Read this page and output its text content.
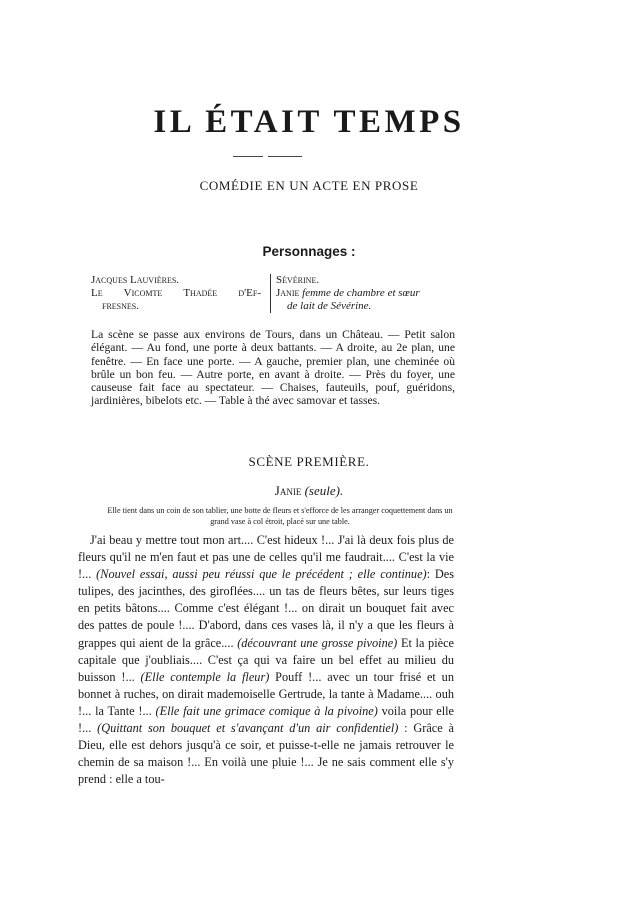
IL ÉTAIT TEMPS

COMÉDIE EN UN ACTE EN PROSE

Personnages :

Jacques Lauvières.
Le Vicomte Thadée d'Ef-
fresnes.
Sévérine.
Janie femme de chambre et sœur
de lait de Sévérine.

La scène se passe aux environs de Tours, dans un Château. — Petit salon élégant. — Au fond, une porte à deux battants. — A droite, au 2e plan, une fenêtre. — En face une porte. — A gauche, premier plan, une cheminée où brûle un bon feu. — Autre porte, en avant à droite. — Près du foyer, une causeuse fait face au spectateur. — Chaises, fauteuils, pouf, guéridons, jardinières, bibelots etc. — Table à thé avec samovar et tasses.

SCÈNE PREMIÈRE.

Janie (seule).

Elle tient dans un coin de son tablier, une botte de fleurs et s'efforce de les arranger coquettement dans un grand vase à col étroit, placé sur une table.

J'ai beau y mettre tout mon art.... C'est hideux !... J'ai là deux fois plus de fleurs qu'il ne m'en faut et pas une de celles qu'il me faudrait.... C'est la vie !... (Nouvel essai, aussi peu réussi que le précédent ; elle continue): Des tulipes, des jacinthes, des giroflées.... un tas de fleurs bêtes, sur leurs tiges en petits bâtons.... Comme c'est élégant !... on dirait un bouquet fait avec des pattes de poule !.... D'abord, dans ces vases là, il n'y a que les fleurs à grappes qui aient de la grâce.... (découvrant une grosse pivoine) Et la pièce capitale que j'oubliais.... C'est ça qui va faire un bel effet au milieu du buisson !... (Elle contemple la fleur) Pouff !... avec un tour frisé et un bonnet à ruches, on dirait mademoiselle Gertrude, la tante à Madame.... ouh !... la Tante !... (Elle fait une grimace comique à la pivoine) voila pour elle !... (Quittant son bouquet et s'avançant d'un air confidentiel) : Grâce à Dieu, elle est dehors jusqu'à ce soir, et puisse-t-elle ne jamais retrouver le chemin de sa maison !... En voilà une pluie !... Je ne sais comment elle s'y prend : elle a tou-
